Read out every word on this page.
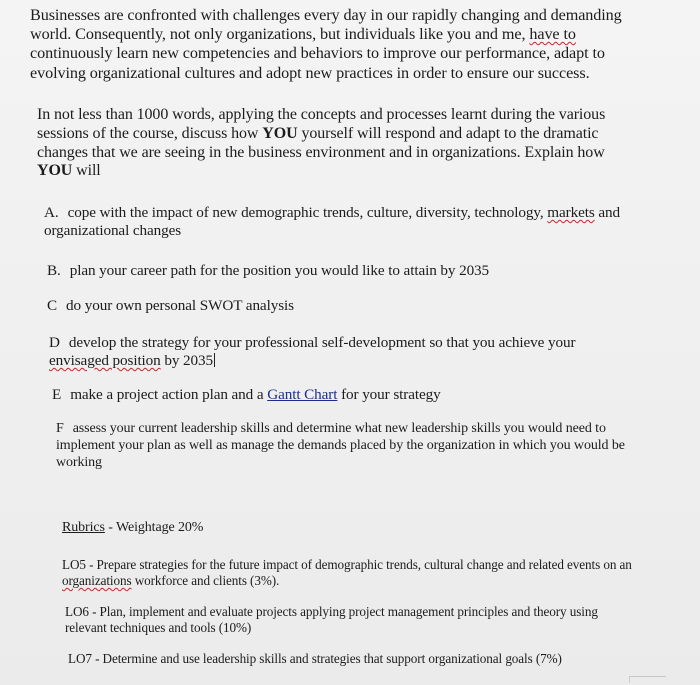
Businesses are confronted with challenges every day in our rapidly changing and demanding world. Consequently, not only organizations, but individuals like you and me, have to continuously learn new competencies and behaviors to improve our performance, adapt to evolving organizational cultures and adopt new practices in order to ensure our success.
In not less than 1000 words, applying the concepts and processes learnt during the various sessions of the course, discuss how YOU yourself will respond and adapt to the dramatic changes that we are seeing in the business environment and in organizations. Explain how YOU will
A. cope with the impact of new demographic trends, culture, diversity, technology, markets and organizational changes
B. plan your career path for the position you would like to attain by 2035
C do your own personal SWOT analysis
D develop the strategy for your professional self-development so that you achieve your envisaged position by 2035
E make a project action plan and a Gantt Chart for your strategy
F assess your current leadership skills and determine what new leadership skills you would need to implement your plan as well as manage the demands placed by the organization in which you would be working
Rubrics - Weightage 20%
LO5 - Prepare strategies for the future impact of demographic trends, cultural change and related events on an organizations workforce and clients (3%).
LO6 - Plan, implement and evaluate projects applying project management principles and theory using relevant techniques and tools (10%)
LO7 - Determine and use leadership skills and strategies that support organizational goals (7%)
